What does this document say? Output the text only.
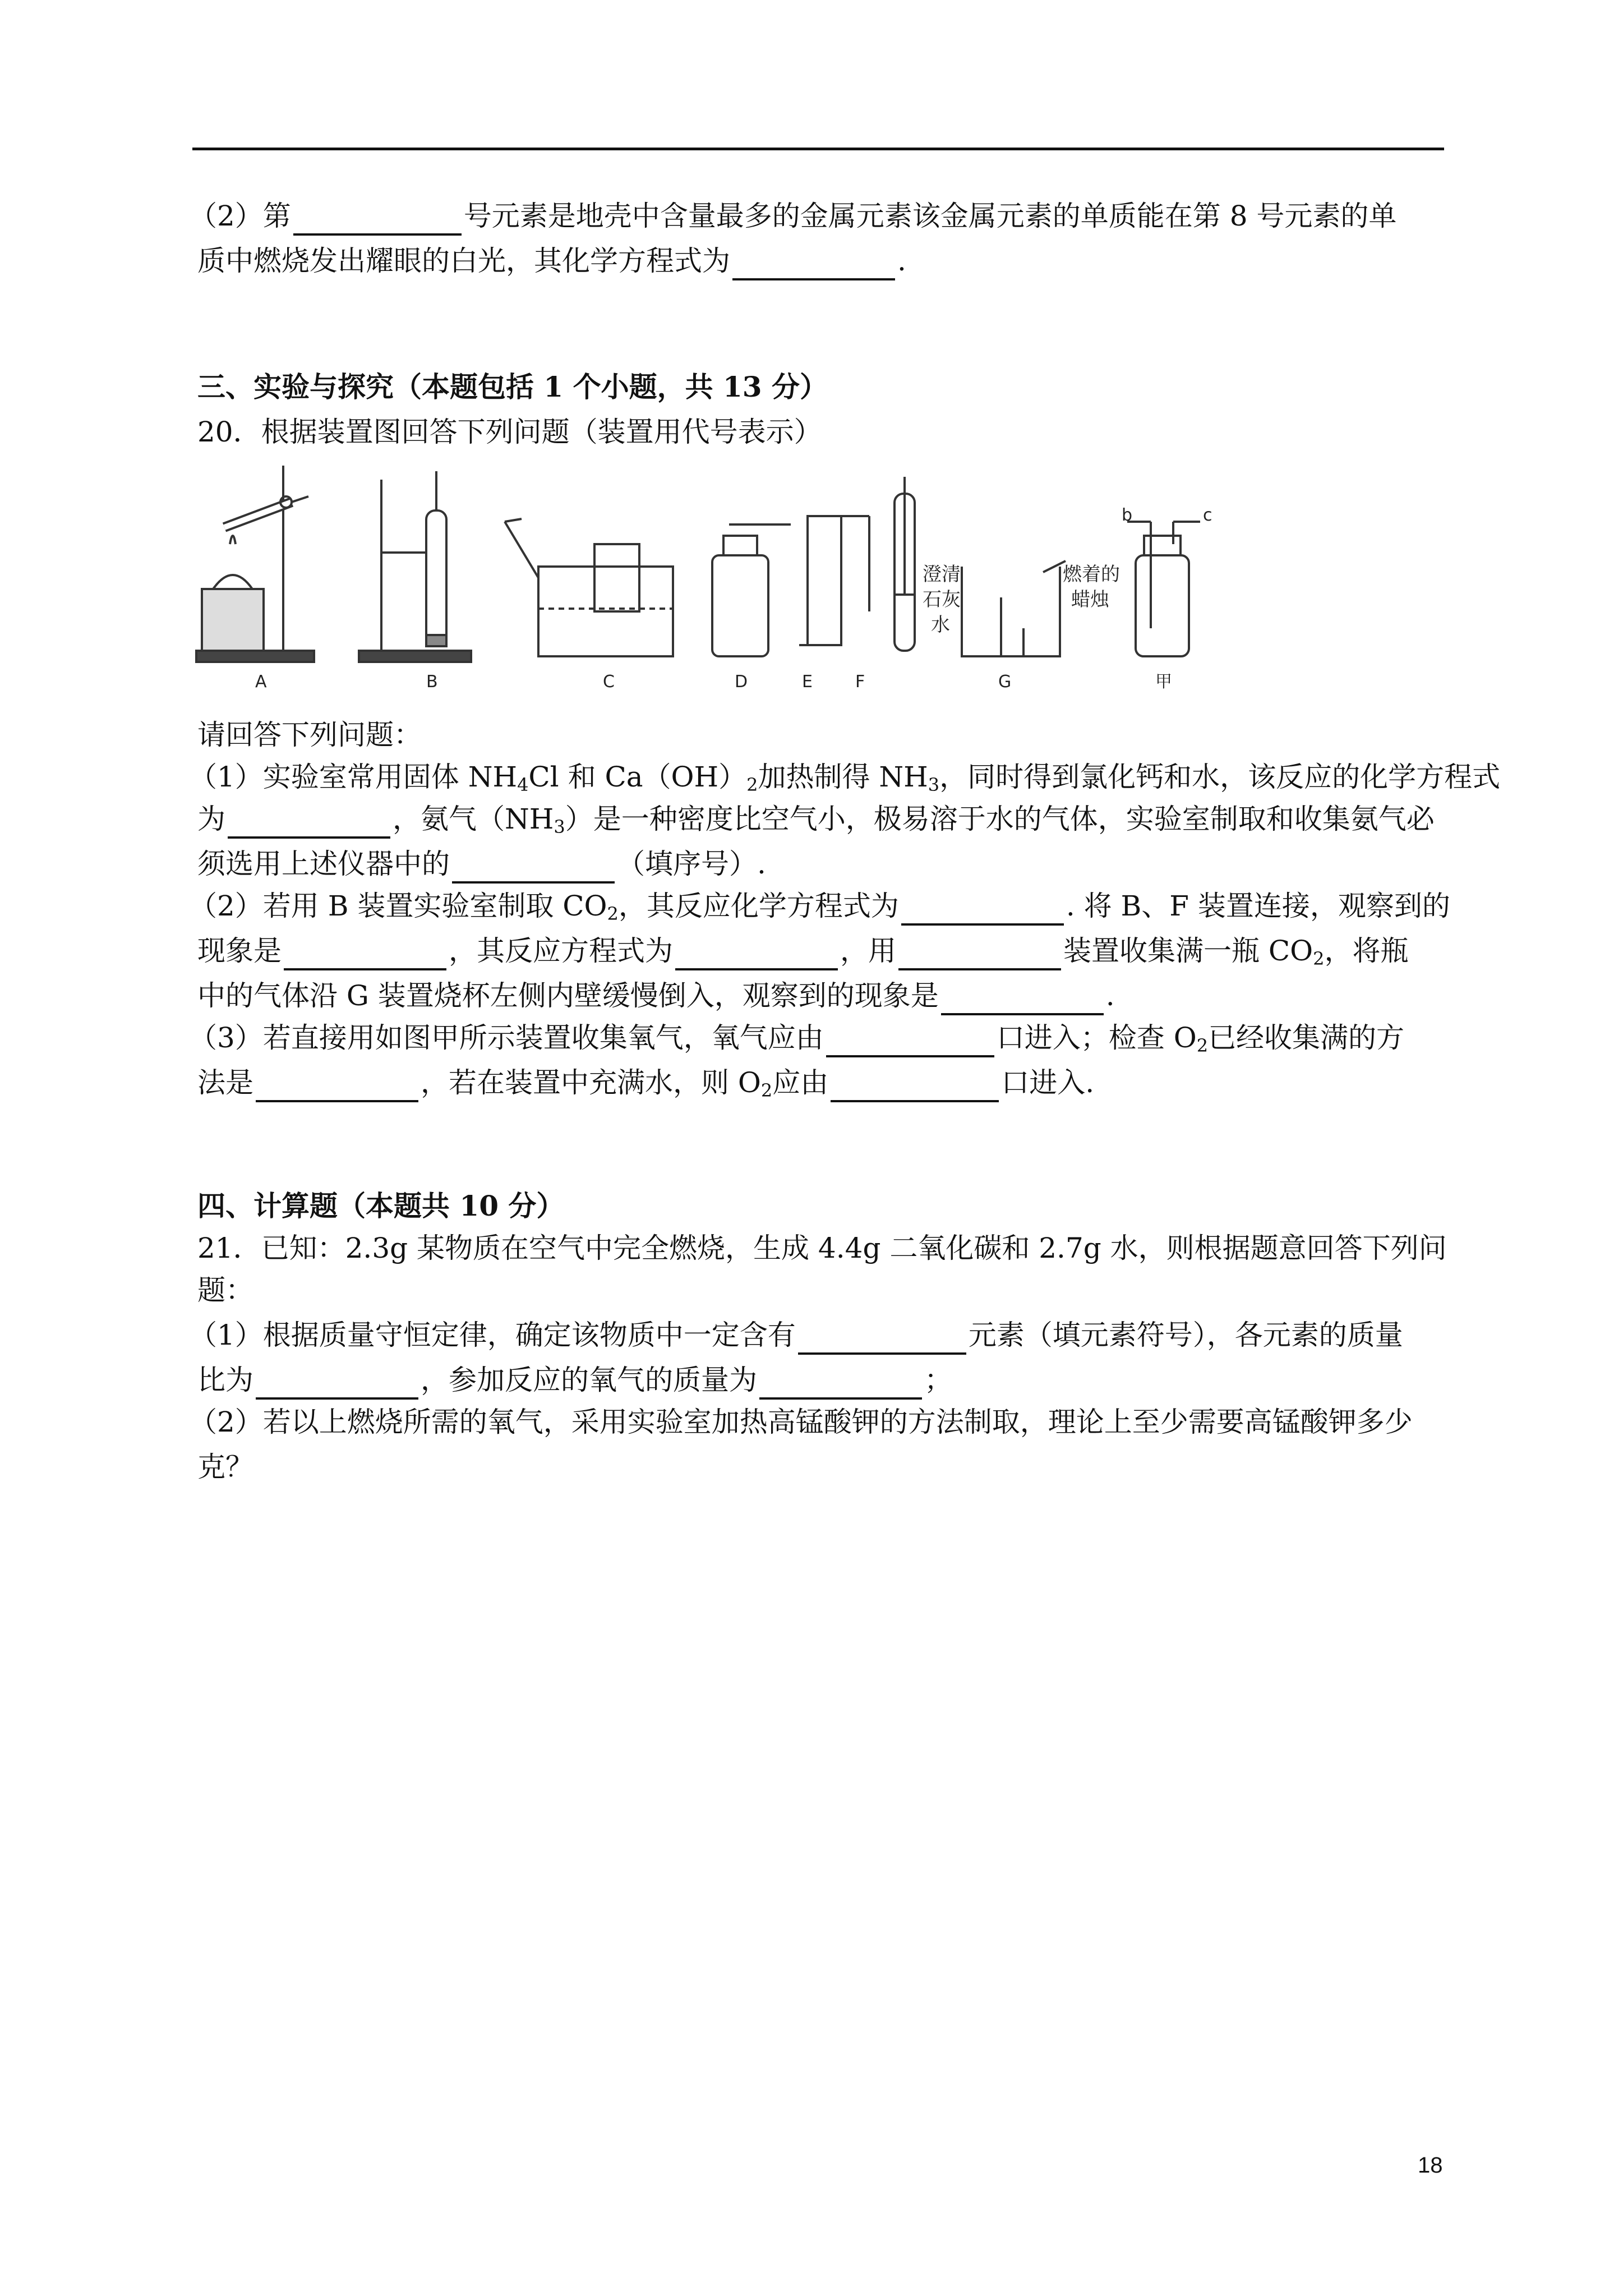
（2）第	号元素是地壳中含量最多的金属元素该金属元素的单质能在第 8 号元素的单
质中燃烧发出耀眼的白光，其化学方程式为	.
三、实验与探究（本题包括 1 个小题，共 13 分）
20．根据装置图回答下列问题（装置用代号表示）
A	B	C	D	E	F	G	甲
澄清
石灰
水
燃着的
蜡烛
b	c
请回答下列问题：
（1）实验室常用固体 $NH_4Cl$ 和 $Ca(OH)_2$加热制得 $NH_3$，同时得到氯化钙和水，该反应的化学方程式
为	，氨气$(NH_3)$是一种密度比空气小，极易溶于水的气体，实验室制取和收集氨气必
须选用上述仪器中的	（填序号）.
（2）若用 B 装置实验室制取 $CO_2$，其反应化学方程式为	. 将 B、F 装置连接，观察到的
现象是	，其反应方程式为	，用	装置收集满一瓶 $CO_2$，将瓶
中的气体沿 G 装置烧杯左侧内壁缓慢倒入，观察到的现象是	.
（3）若直接用如图甲所示装置收集氧气，氧气应由	口进入；检查 $O_2$已经收集满的方
法是	，若在装置中充满水，则 $O_2$应由	口进入.
四、计算题（本题共 10 分）
21．已知：2.3g 某物质在空气中完全燃烧，生成 4.4g 二氧化碳和 2.7g 水，则根据题意回答下列问
题：
（1）根据质量守恒定律，确定该物质中一定含有	元素（填元素符号），各元素的质量
比为	，参加反应的氧气的质量为	；
（2）若以上燃烧所需的氧气，采用实验室加热高锰酸钾的方法制取，理论上至少需要高锰酸钾多少
克？
18
